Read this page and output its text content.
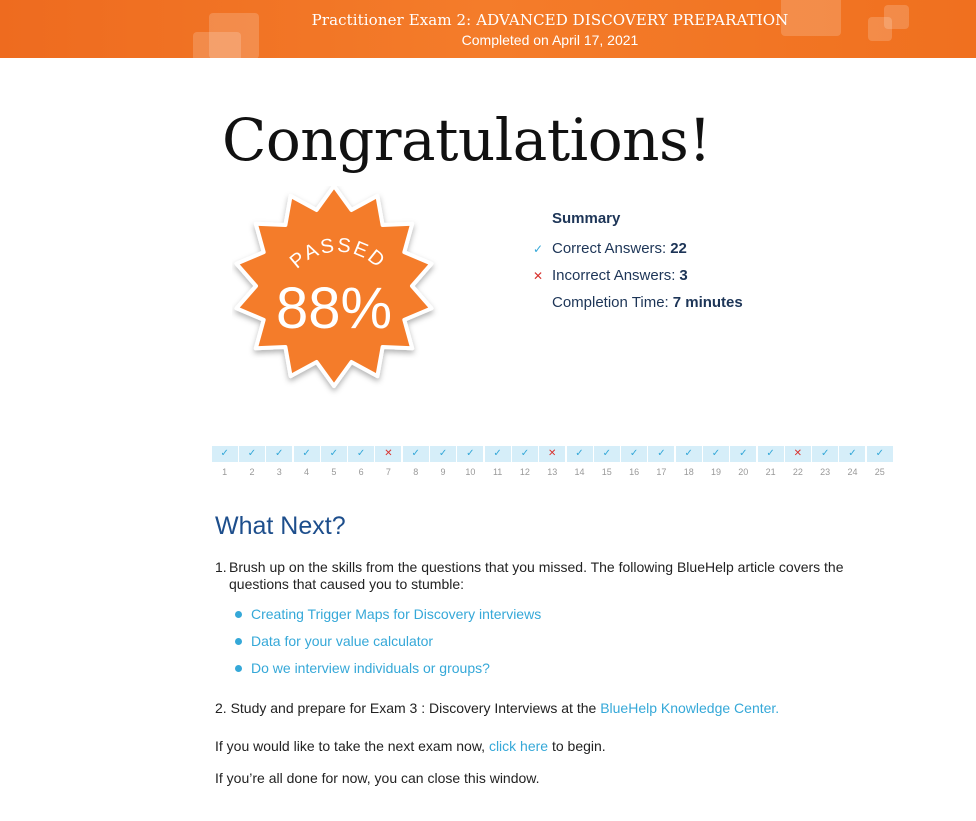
Practitioner Exam 2: ADVANCED DISCOVERY PREPARATION
Completed on April 17, 2021
Congratulations!
PASSED
88%
Summary
✓ Correct Answers: 22
✕ Incorrect Answers: 3
Completion Time: 7 minutes
✓
1
✓
2
✓
3
✓
4
✓
5
✓
6
✕
7
✓
8
✓
9
✓
10
✓
11
✓
12
✕
13
✓
14
✓
15
✓
16
✓
17
✓
18
✓
19
✓
20
✓
21
✕
22
✓
23
✓
24
✓
25
What Next?
1. Brush up on the skills from the questions that you missed. The following BlueHelp article covers the questions that caused you to stumble:
Creating Trigger Maps for Discovery interviews
Data for your value calculator
Do we interview individuals or groups?
2. Study and prepare for Exam 3 : Discovery Interviews at the BlueHelp Knowledge Center.
If you would like to take the next exam now, click here to begin.
If you’re all done for now, you can close this window.
